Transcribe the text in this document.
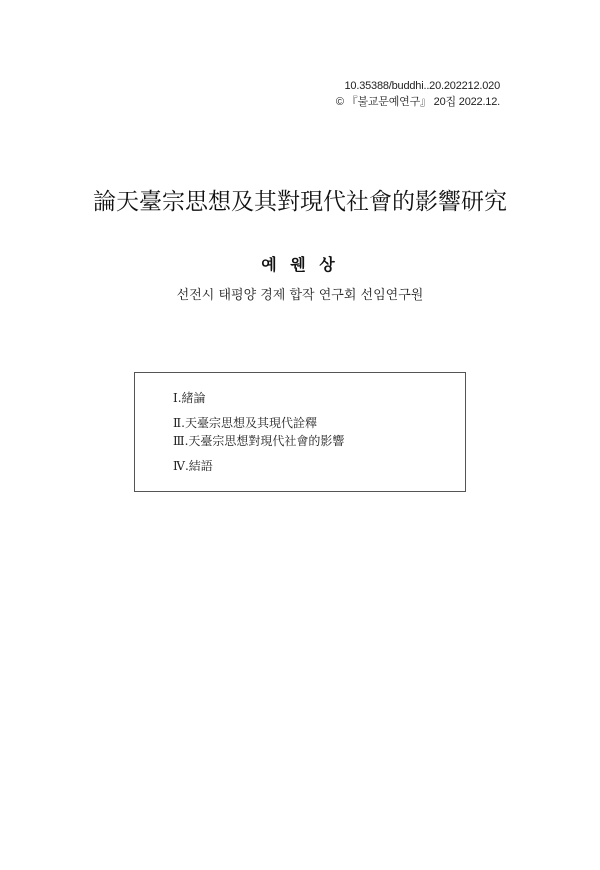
10.35388/buddhi..20.202212.020
© 『불교문예연구』 20집 2022.12.
論天臺宗思想及其對現代社會的影響研究
예 웬 상
선전시 태평양 경제 합작 연구회 선임연구원
Ⅰ.緒論
Ⅱ.天臺宗思想及其現代詮釋
Ⅲ.天臺宗思想對現代社會的影響
Ⅳ.結語
